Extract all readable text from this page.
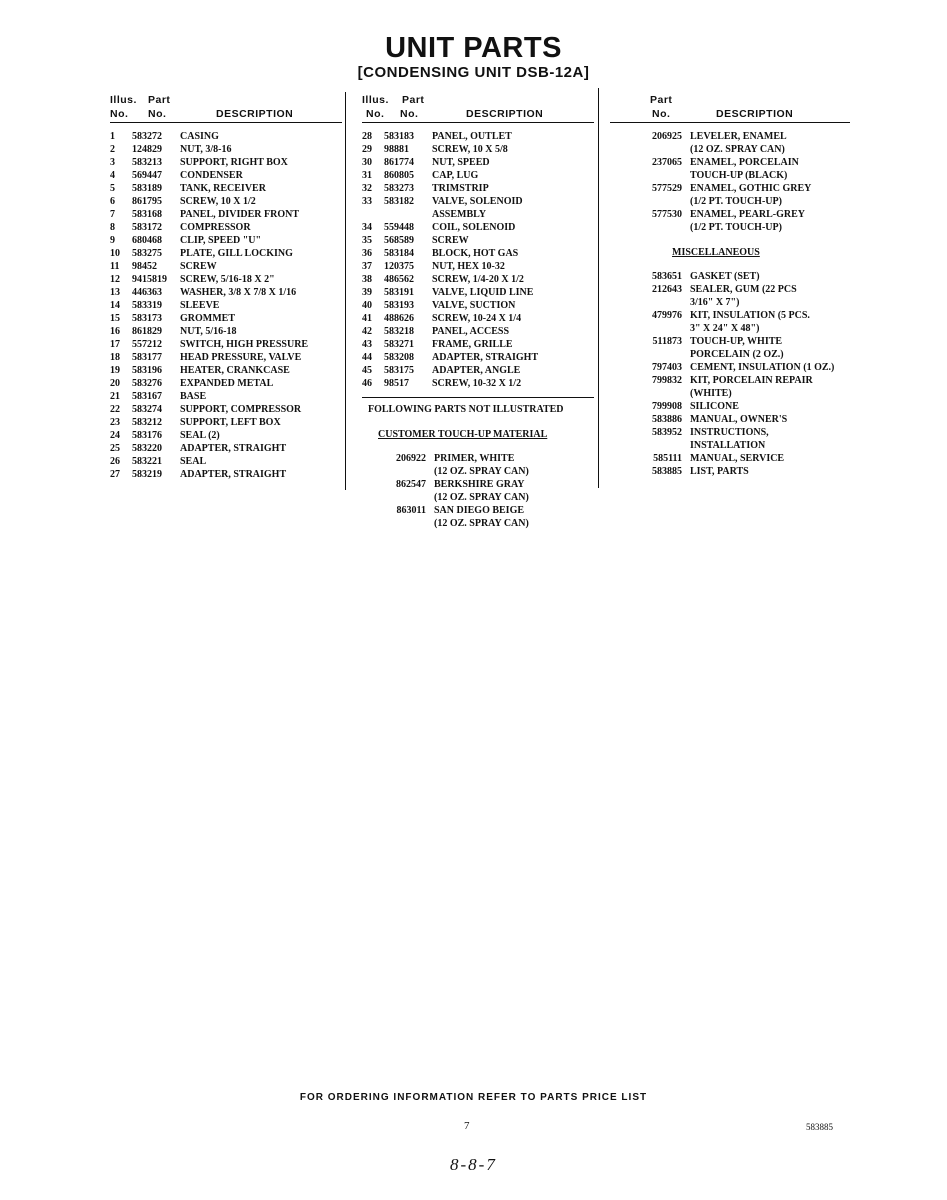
UNIT PARTS
[CONDENSING UNIT DSB-12A]
Illus. Part
No. No.	DESCRIPTION
1	583272	CASING
2	124829	NUT, 3/8-16
3	583213	SUPPORT, RIGHT BOX
4	569447	CONDENSER
5	583189	TANK, RECEIVER
6	861795	SCREW, 10 X 1/2
7	583168	PANEL, DIVIDER FRONT
8	583172	COMPRESSOR
9	680468	CLIP, SPEED "U"
10	583275	PLATE, GILL LOCKING
11	98452	SCREW
12	9415819	SCREW, 5/16-18 X 2"
13	446363	WASHER, 3/8 X 7/8 X 1/16
14	583319	SLEEVE
15	583173	GROMMET
16	861829	NUT, 5/16-18
17	557212	SWITCH, HIGH PRESSURE
18	583177	HEAD PRESSURE, VALVE
19	583196	HEATER, CRANKCASE
20	583276	EXPANDED METAL
21	583167	BASE
22	583274	SUPPORT, COMPRESSOR
23	583212	SUPPORT, LEFT BOX
24	583176	SEAL (2)
25	583220	ADAPTER, STRAIGHT
26	583221	SEAL
27	583219	ADAPTER, STRAIGHT
Illus. Part
No. No.	DESCRIPTION
28	583183	PANEL, OUTLET
29	98881	SCREW, 10 X 5/8
30	861774	NUT, SPEED
31	860805	CAP, LUG
32	583273	TRIMSTRIP
33	583182	VALVE, SOLENOID
ASSEMBLY
34	559448	COIL, SOLENOID
35	568589	SCREW
36	583184	BLOCK, HOT GAS
37	120375	NUT, HEX 10-32
38	486562	SCREW, 1/4-20 X 1/2
39	583191	VALVE, LIQUID LINE
40	583193	VALVE, SUCTION
41	488626	SCREW, 10-24 X 1/4
42	583218	PANEL, ACCESS
43	583271	FRAME, GRILLE
44	583208	ADAPTER, STRAIGHT
45	583175	ADAPTER, ANGLE
46	98517	SCREW, 10-32 X 1/2
FOLLOWING PARTS NOT ILLUSTRATED
CUSTOMER TOUCH-UP MATERIAL
206922 PRIMER, WHITE
(12 OZ. SPRAY CAN)
862547 BERKSHIRE GRAY
(12 OZ. SPRAY CAN)
863011 SAN DIEGO BEIGE
(12 OZ. SPRAY CAN)
Part
No.	DESCRIPTION
206925 LEVELER, ENAMEL
(12 OZ. SPRAY CAN)
237065 ENAMEL, PORCELAIN
TOUCH-UP (BLACK)
577529 ENAMEL, GOTHIC GREY
(1/2 PT. TOUCH-UP)
577530 ENAMEL, PEARL-GREY
(1/2 PT. TOUCH-UP)
MISCELLANEOUS
583651 GASKET (SET)
212643 SEALER, GUM (22 PCS
3/16" X 7")
479976 KIT, INSULATION (5 PCS.
3" X 24" X 48")
511873 TOUCH-UP, WHITE
PORCELAIN (2 OZ.)
797403 CEMENT, INSULATION (1 OZ.)
799832 KIT, PORCELAIN REPAIR
(WHITE)
799908 SILICONE
583886 MANUAL, OWNER'S
583952 INSTRUCTIONS,
INSTALLATION
585111 MANUAL, SERVICE
583885 LIST, PARTS
FOR ORDERING INFORMATION REFER TO PARTS PRICE LIST
7	583885
8-8-7
